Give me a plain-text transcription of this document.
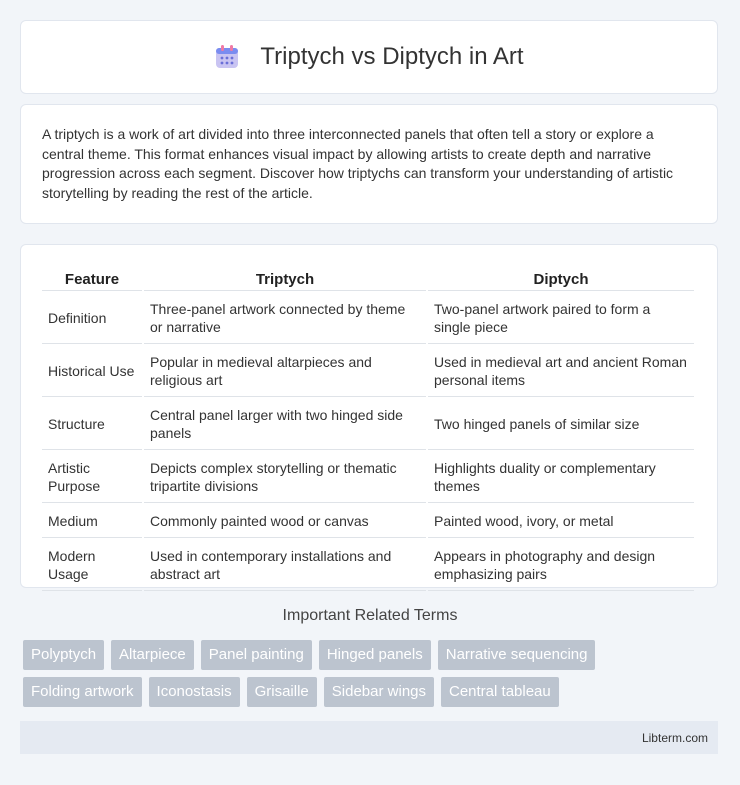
Triptych vs Diptych in Art

A triptych is a work of art divided into three interconnected panels that often tell a story or explore a central theme. This format enhances visual impact by allowing artists to create depth and narrative progression across each segment. Discover how triptychs can transform your understanding of artistic storytelling by reading the rest of the article.

Feature	Triptych	Diptych
Definition	Three-panel artwork connected by theme or narrative	Two-panel artwork paired to form a single piece
Historical Use	Popular in medieval altarpieces and religious art	Used in medieval art and ancient Roman personal items
Structure	Central panel larger with two hinged side panels	Two hinged panels of similar size
Artistic Purpose	Depicts complex storytelling or thematic tripartite divisions	Highlights duality or complementary themes
Medium	Commonly painted wood or canvas	Painted wood, ivory, or metal
Modern Usage	Used in contemporary installations and abstract art	Appears in photography and design emphasizing pairs
Important Related Terms
Polyptych	Altarpiece	Panel painting	Hinged panels	Narrative sequencing
Folding artwork	Iconostasis	Grisaille	Sidebar wings	Central tableau
Libterm.com
